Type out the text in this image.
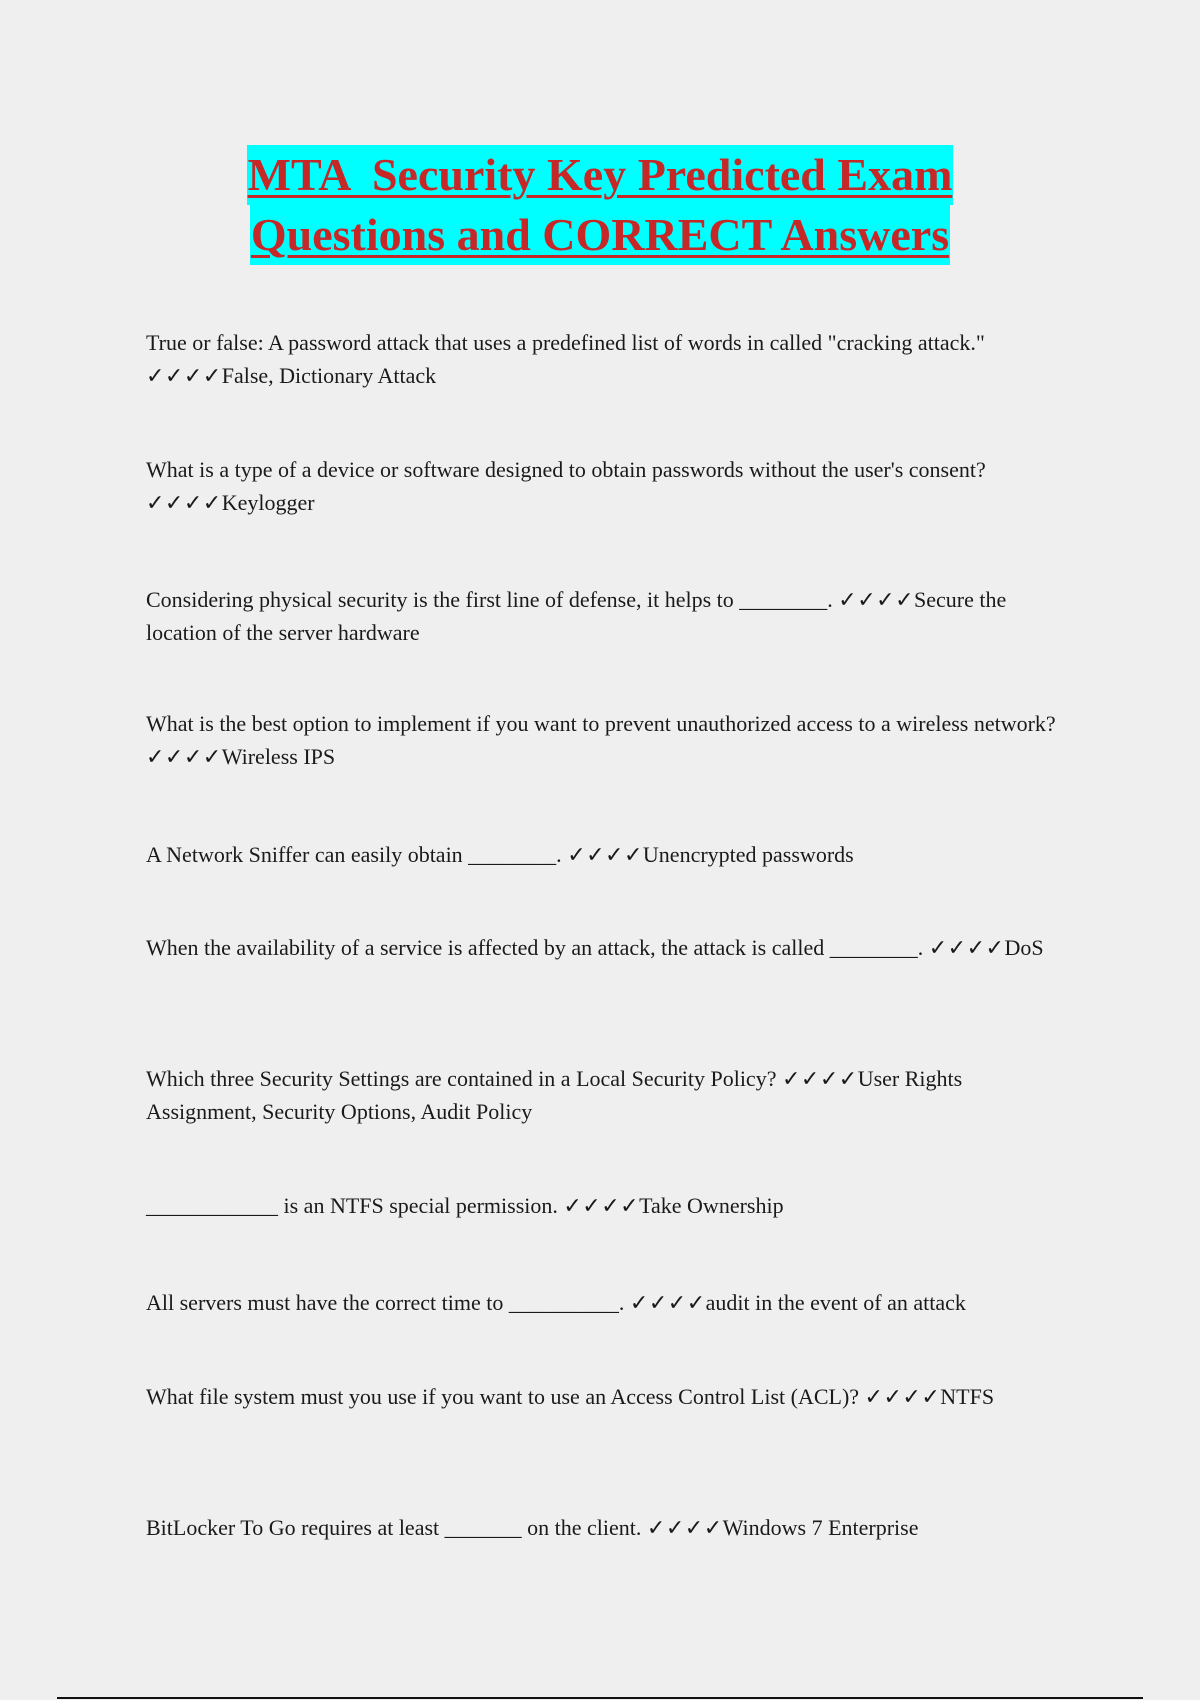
MTA  Security Key Predicted Exam
Questions and CORRECT Answers
True or false: A password attack that uses a predefined list of words in called "cracking attack." ✓✓✓✓False, Dictionary Attack
What is a type of a device or software designed to obtain passwords without the user's consent? ✓✓✓✓Keylogger
Considering physical security is the first line of defense, it helps to ________. ✓✓✓✓Secure the location of the server hardware
What is the best option to implement if you want to prevent unauthorized access to a wireless network? ✓✓✓✓Wireless IPS
A Network Sniffer can easily obtain ________. ✓✓✓✓Unencrypted passwords
When the availability of a service is affected by an attack, the attack is called ________. ✓✓✓✓DoS
Which three Security Settings are contained in a Local Security Policy? ✓✓✓✓User Rights Assignment, Security Options, Audit Policy
____________ is an NTFS special permission. ✓✓✓✓Take Ownership
All servers must have the correct time to __________. ✓✓✓✓audit in the event of an attack
What file system must you use if you want to use an Access Control List (ACL)? ✓✓✓✓NTFS
BitLocker To Go requires at least _______ on the client. ✓✓✓✓Windows 7 Enterprise
